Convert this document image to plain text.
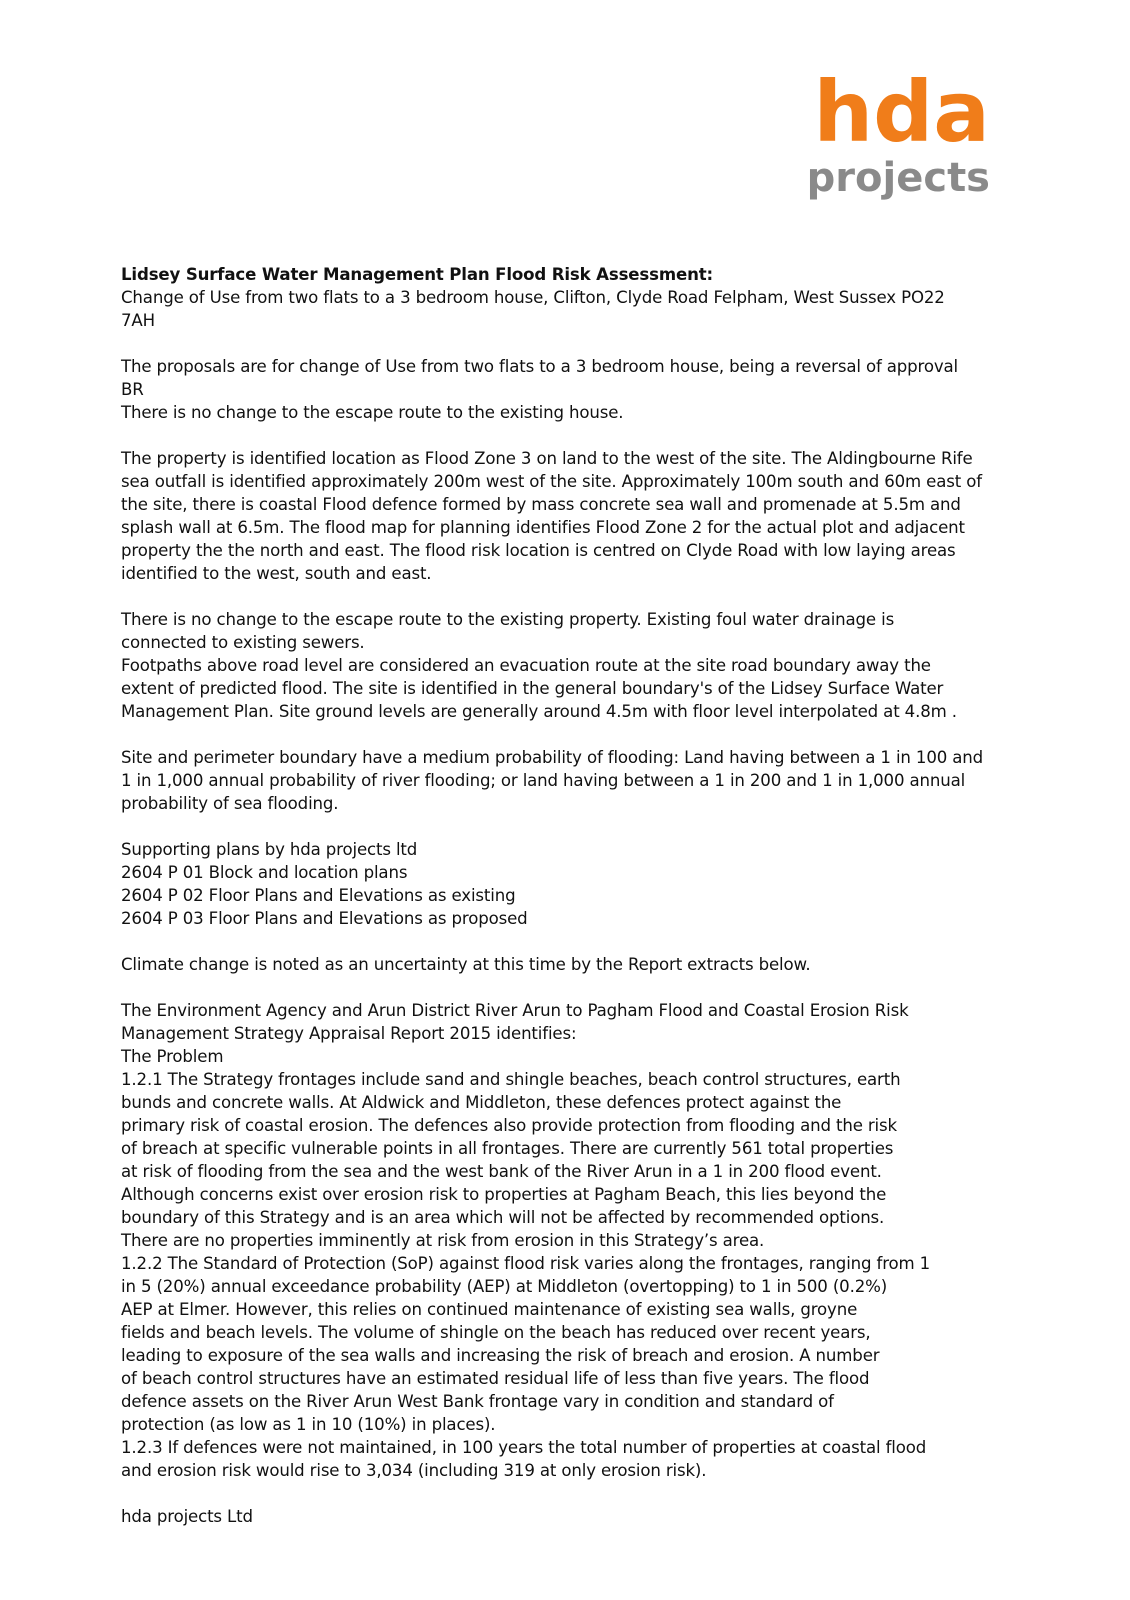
hda
projects
Lidsey Surface Water Management Plan Flood Risk Assessment:
Change of Use from two flats to a 3 bedroom house, Clifton, Clyde Road Felpham, West Sussex PO22
7AH
The proposals are for change of Use from two flats to a 3 bedroom house, being a reversal of approval
BR
There is no change to the escape route to the existing house.
The property is identified location as Flood Zone 3 on land to the west of the site. The Aldingbourne Rife
sea outfall is identified approximately 200m west of the site. Approximately 100m south and 60m east of
the site, there is coastal Flood defence formed by mass concrete sea wall and promenade at 5.5m and
splash wall at 6.5m. The flood map for planning identifies Flood Zone 2 for the actual plot and adjacent
property the the north and east. The flood risk location is centred on Clyde Road with low laying areas
identified to the west, south and east.
There is no change to the escape route to the existing property. Existing foul water drainage is
connected to existing sewers.
Footpaths above road level are considered an evacuation route at the site road boundary away the
extent of predicted flood. The site is identified in the general boundary's of the Lidsey Surface Water
Management Plan. Site ground levels are generally around 4.5m with floor level interpolated at 4.8m .
Site and perimeter boundary have a medium probability of flooding: Land having between a 1 in 100 and
1 in 1,000 annual probability of river flooding; or land having between a 1 in 200 and 1 in 1,000 annual
probability of sea flooding.
Supporting plans by hda projects ltd
2604 P 01 Block and location plans
2604 P 02 Floor Plans and Elevations as existing
2604 P 03 Floor Plans and Elevations as proposed
Climate change is noted as an uncertainty at this time by the Report extracts below.
The Environment Agency and Arun District River Arun to Pagham Flood and Coastal Erosion Risk
Management Strategy Appraisal Report 2015 identifies:
The Problem
1.2.1 The Strategy frontages include sand and shingle beaches, beach control structures, earth
bunds and concrete walls. At Aldwick and Middleton, these defences protect against the
primary risk of coastal erosion. The defences also provide protection from flooding and the risk
of breach at specific vulnerable points in all frontages. There are currently 561 total properties
at risk of flooding from the sea and the west bank of the River Arun in a 1 in 200 flood event.
Although concerns exist over erosion risk to properties at Pagham Beach, this lies beyond the
boundary of this Strategy and is an area which will not be affected by recommended options.
There are no properties imminently at risk from erosion in this Strategy’s area.
1.2.2 The Standard of Protection (SoP) against flood risk varies along the frontages, ranging from 1
in 5 (20%) annual exceedance probability (AEP) at Middleton (overtopping) to 1 in 500 (0.2%)
AEP at Elmer. However, this relies on continued maintenance of existing sea walls, groyne
fields and beach levels. The volume of shingle on the beach has reduced over recent years,
leading to exposure of the sea walls and increasing the risk of breach and erosion. A number
of beach control structures have an estimated residual life of less than five years. The flood
defence assets on the River Arun West Bank frontage vary in condition and standard of
protection (as low as 1 in 10 (10%) in places).
1.2.3 If defences were not maintained, in 100 years the total number of properties at coastal flood
and erosion risk would rise to 3,034 (including 319 at only erosion risk).
hda projects Ltd
